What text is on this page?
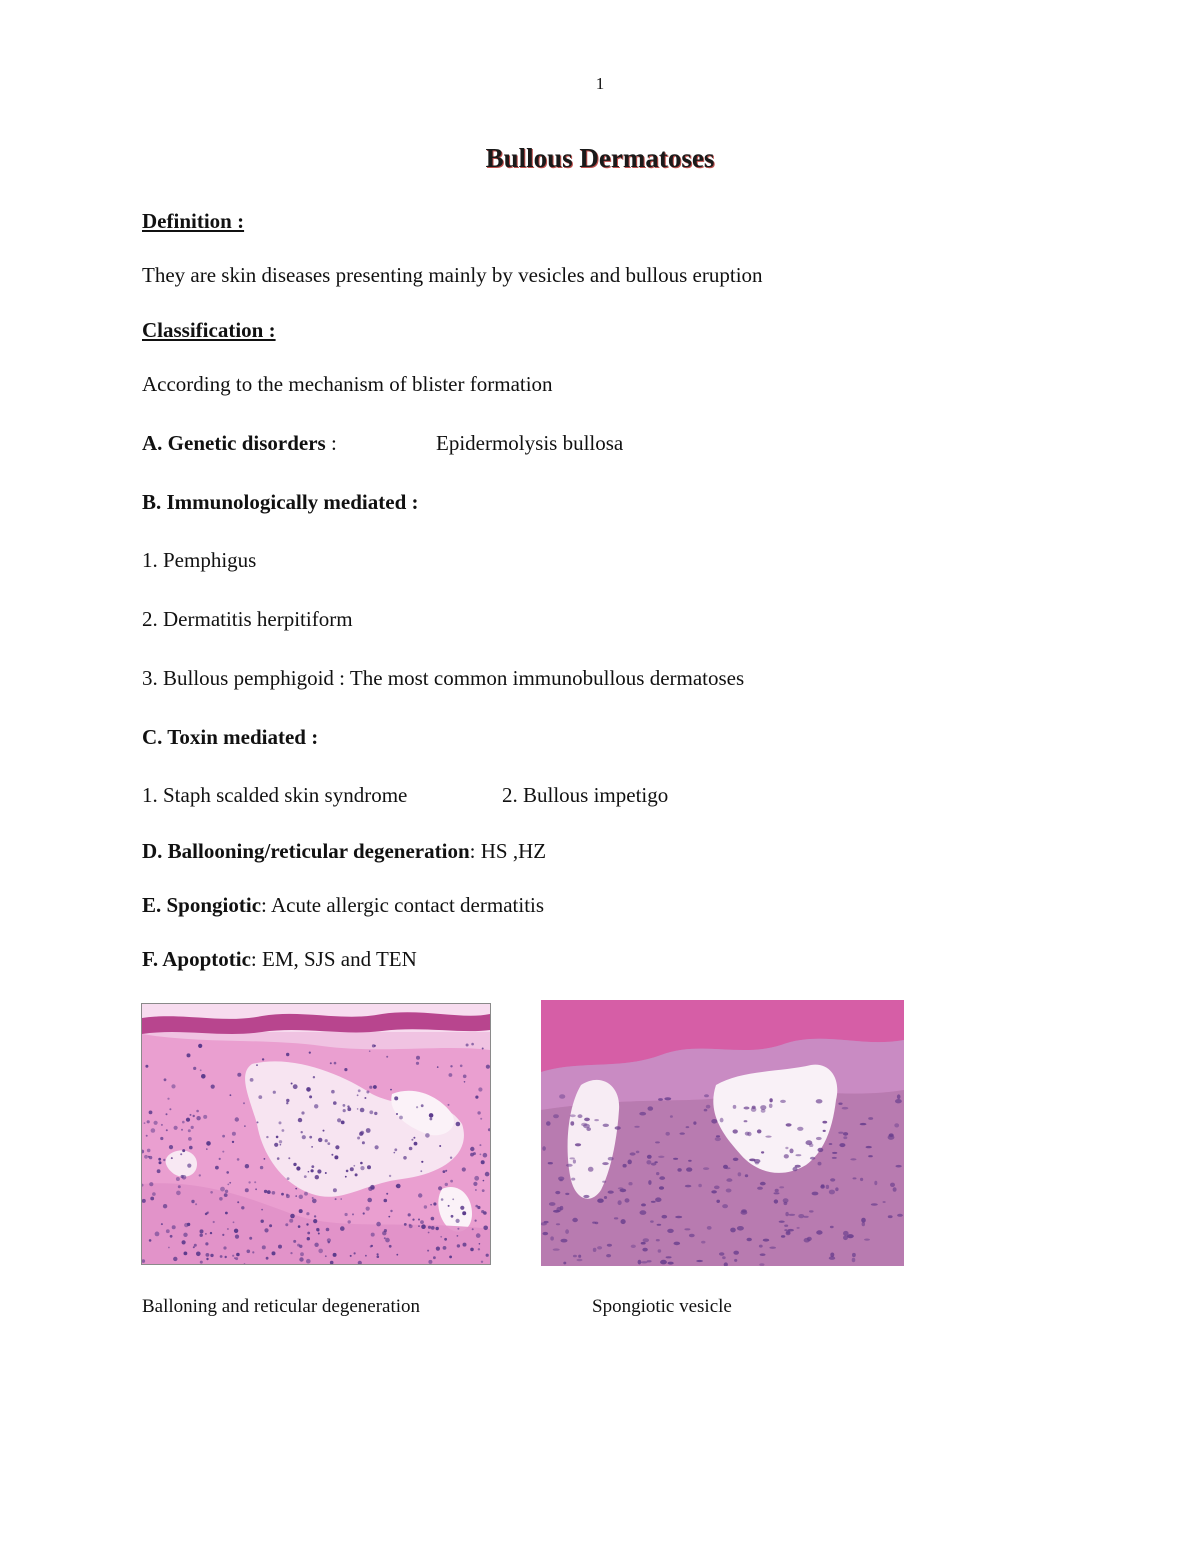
1
Bullous Dermatoses
Definition :
They are skin diseases presenting mainly by vesicles and bullous eruption
Classification :
According to the mechanism of blister formation
A. Genetic disorders :	Epidermolysis bullosa
B. Immunologically mediated :
1. Pemphigus
2. Dermatitis herpitiform
3. Bullous pemphigoid : The most common immunobullous dermatoses
C. Toxin mediated :
1. Staph scalded skin syndrome	2. Bullous impetigo
D. Ballooning/reticular degeneration: HS ,HZ
E. Spongiotic: Acute allergic contact dermatitis
F. Apoptotic: EM, SJS and TEN
Balloning and reticular degeneration	Spongiotic vesicle
